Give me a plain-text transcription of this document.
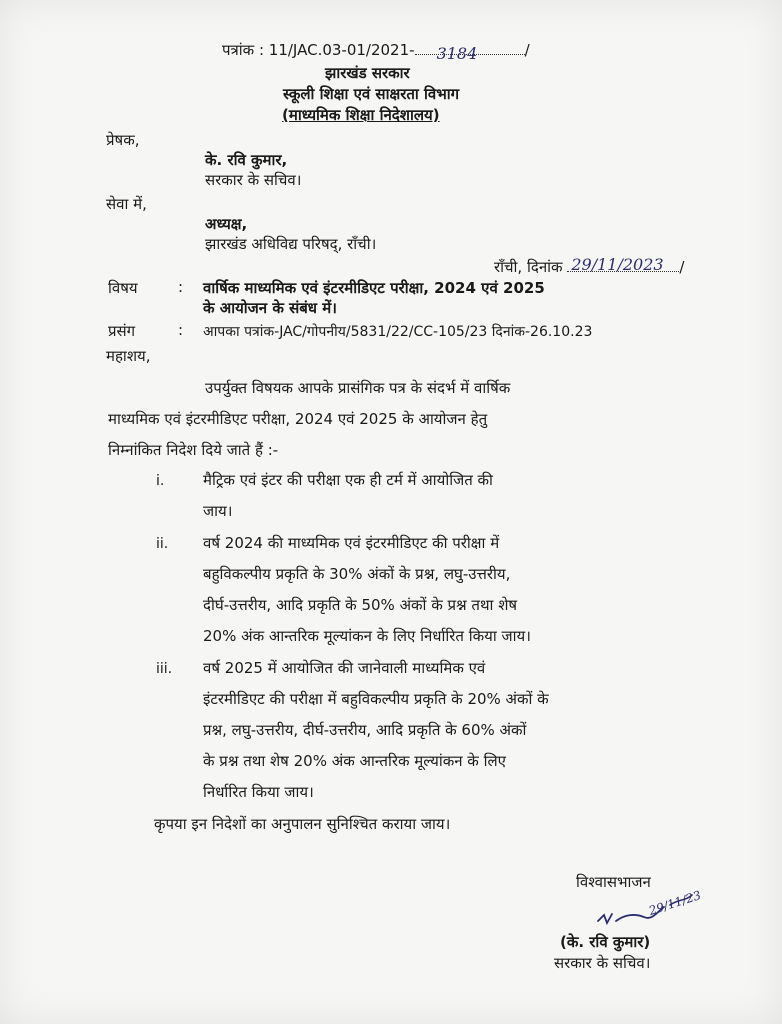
पत्रांक : 11/JAC.03-01/2021- 3184	/
झारखंड सरकार
स्कूली शिक्षा एवं साक्षरता विभाग
(माध्यमिक शिक्षा निदेशालय)
प्रेषक,
के. रवि कुमार,
सरकार के सचिव।
सेवा में,
अध्यक्ष,
झारखंड अधिविद्य परिषद्, राँची।
राँची, दिनांक 29/11/2023 /
विषय	: वार्षिक माध्यमिक एवं इंटरमीडिएट परीक्षा, 2024 एवं 2025
के आयोजन के संबंध में।
प्रसंग	: आपका पत्रांक-JAC/गोपनीय/5831/22/CC-105/23 दिनांक-26.10.23
महाशय,
उपर्युक्त विषयक आपके प्रासंगिक पत्र के संदर्भ में वार्षिक
माध्यमिक एवं इंटरमीडिएट परीक्षा, 2024 एवं 2025 के आयोजन हेतु
निम्नांकित निदेश दिये जाते हैं :-
i.	मैट्रिक एवं इंटर की परीक्षा एक ही टर्म में आयोजित की
जाय।
ii. वर्ष 2024 की माध्यमिक एवं इंटरमीडिएट की परीक्षा में
बहुविकल्पीय प्रकृति के 30% अंकों के प्रश्न, लघु-उत्तरीय,
दीर्घ-उत्तरीय, आदि प्रकृति के 50% अंकों के प्रश्न तथा शेष
20% अंक आन्तरिक मूल्यांकन के लिए निर्धारित किया जाय।
iii. वर्ष 2025 में आयोजित की जानेवाली माध्यमिक एवं
इंटरमीडिएट की परीक्षा में बहुविकल्पीय प्रकृति के 20% अंकों के
प्रश्न, लघु-उत्तरीय, दीर्घ-उत्तरीय, आदि प्रकृति के 60% अंकों
के प्रश्न तथा शेष 20% अंक आन्तरिक मूल्यांकन के लिए
निर्धारित किया जाय।
कृपया इन निदेशों का अनुपालन सुनिश्चित कराया जाय।
विश्वासभाजन
29/11/23
(के. रवि कुमार)
सरकार के सचिव।
